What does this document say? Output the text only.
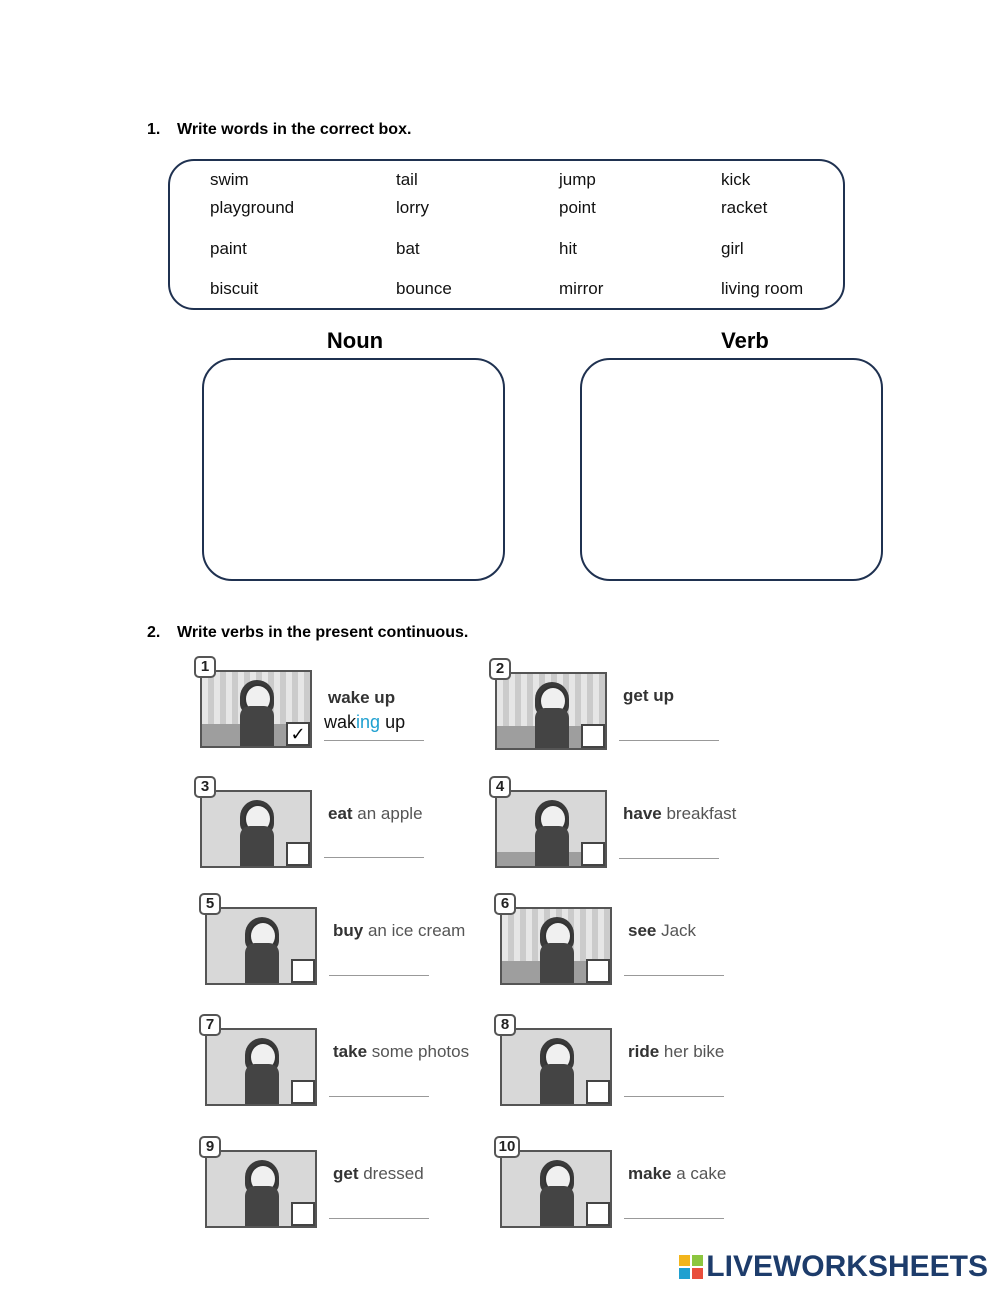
1. Write words in the correct box.
swim	tail	jump	kick
playground	lorry	point	racket
paint	bat	hit	girl
biscuit	bounce	mirror	living room
Noun	Verb
2. Write verbs in the present continuous.
✓
1
wake up
waking up
2
get up
3
eat an apple
4
have breakfast
5
buy an ice cream
6
see Jack
7
take some photos
8
ride her bike
9
get dressed
10
make a cake
LIVEWORKSHEETS
